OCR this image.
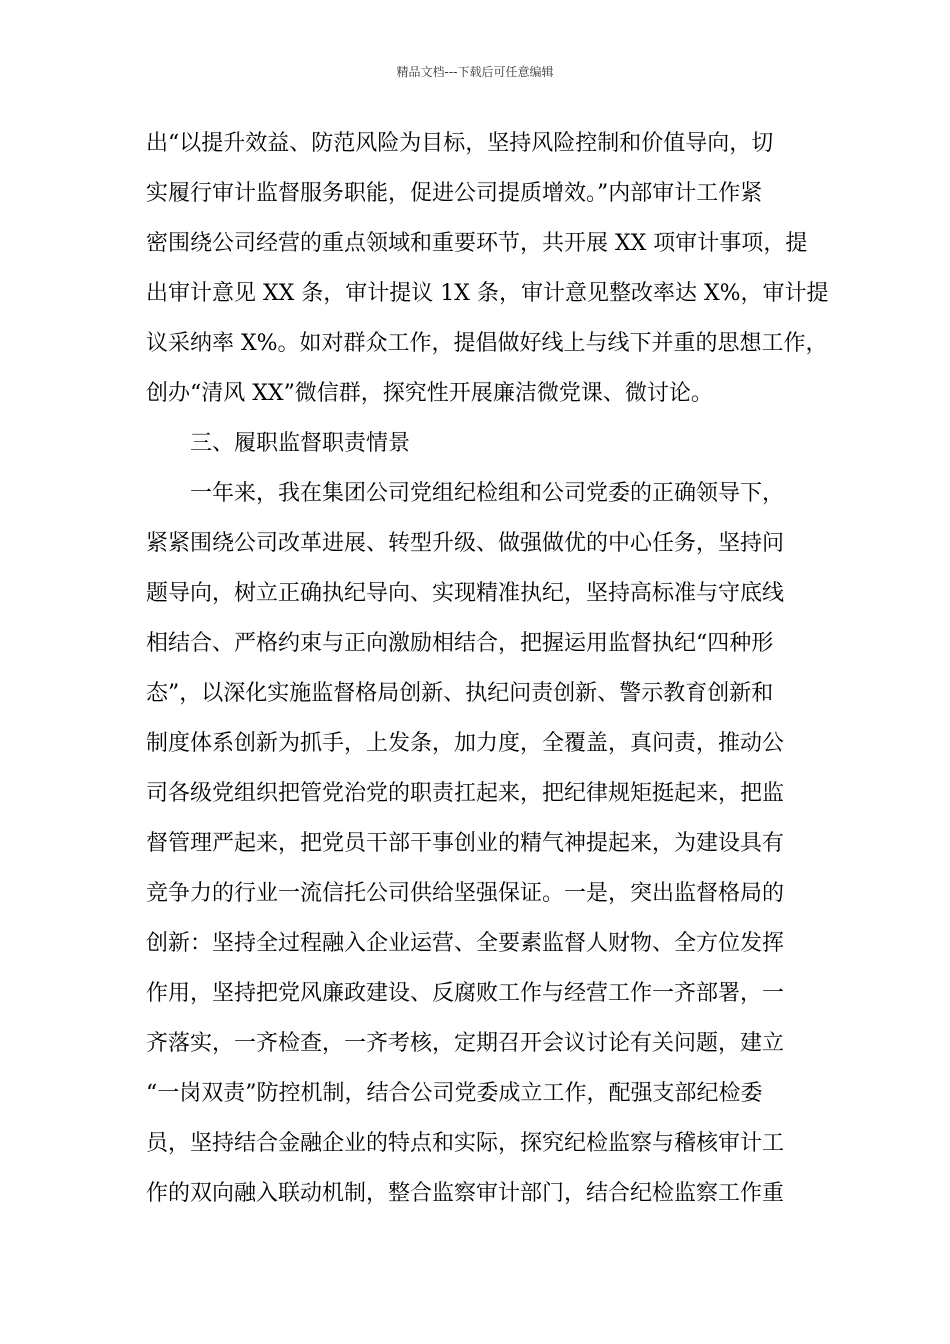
精品文档---下载后可任意编辑
出“以提升效益、防范风险为目标，坚持风险控制和价值导向，切
实履行审计监督服务职能，促进公司提质增效。”内部审计工作紧
密围绕公司经营的重点领域和重要环节，共开展 XX 项审计事项，提
出审计意见 XX 条，审计提议 1X 条，审计意见整改率达 X%，审计提
议采纳率 X%。如对群众工作，提倡做好线上与线下并重的思想工作，
创办“清风 XX”微信群，探究性开展廉洁微党课、微讨论。
三、履职监督职责情景
一年来，我在集团公司党组纪检组和公司党委的正确领导下，
紧紧围绕公司改革进展、转型升级、做强做优的中心任务，坚持问
题导向，树立正确执纪导向、实现精准执纪，坚持高标准与守底线
相结合、严格约束与正向激励相结合，把握运用监督执纪“四种形
态”，以深化实施监督格局创新、执纪问责创新、警示教育创新和
制度体系创新为抓手，上发条，加力度，全覆盖，真问责，推动公
司各级党组织把管党治党的职责扛起来，把纪律规矩挺起来，把监
督管理严起来，把党员干部干事创业的精气神提起来，为建设具有
竞争力的行业一流信托公司供给坚强保证。一是，突出监督格局的
创新：坚持全过程融入企业运营、全要素监督人财物、全方位发挥
作用，坚持把党风廉政建设、反腐败工作与经营工作一齐部署，一
齐落实，一齐检查，一齐考核，定期召开会议讨论有关问题，建立
“一岗双责”防控机制，结合公司党委成立工作，配强支部纪检委
员，坚持结合金融企业的特点和实际，探究纪检监察与稽核审计工
作的双向融入联动机制，整合监察审计部门，结合纪检监察工作重
